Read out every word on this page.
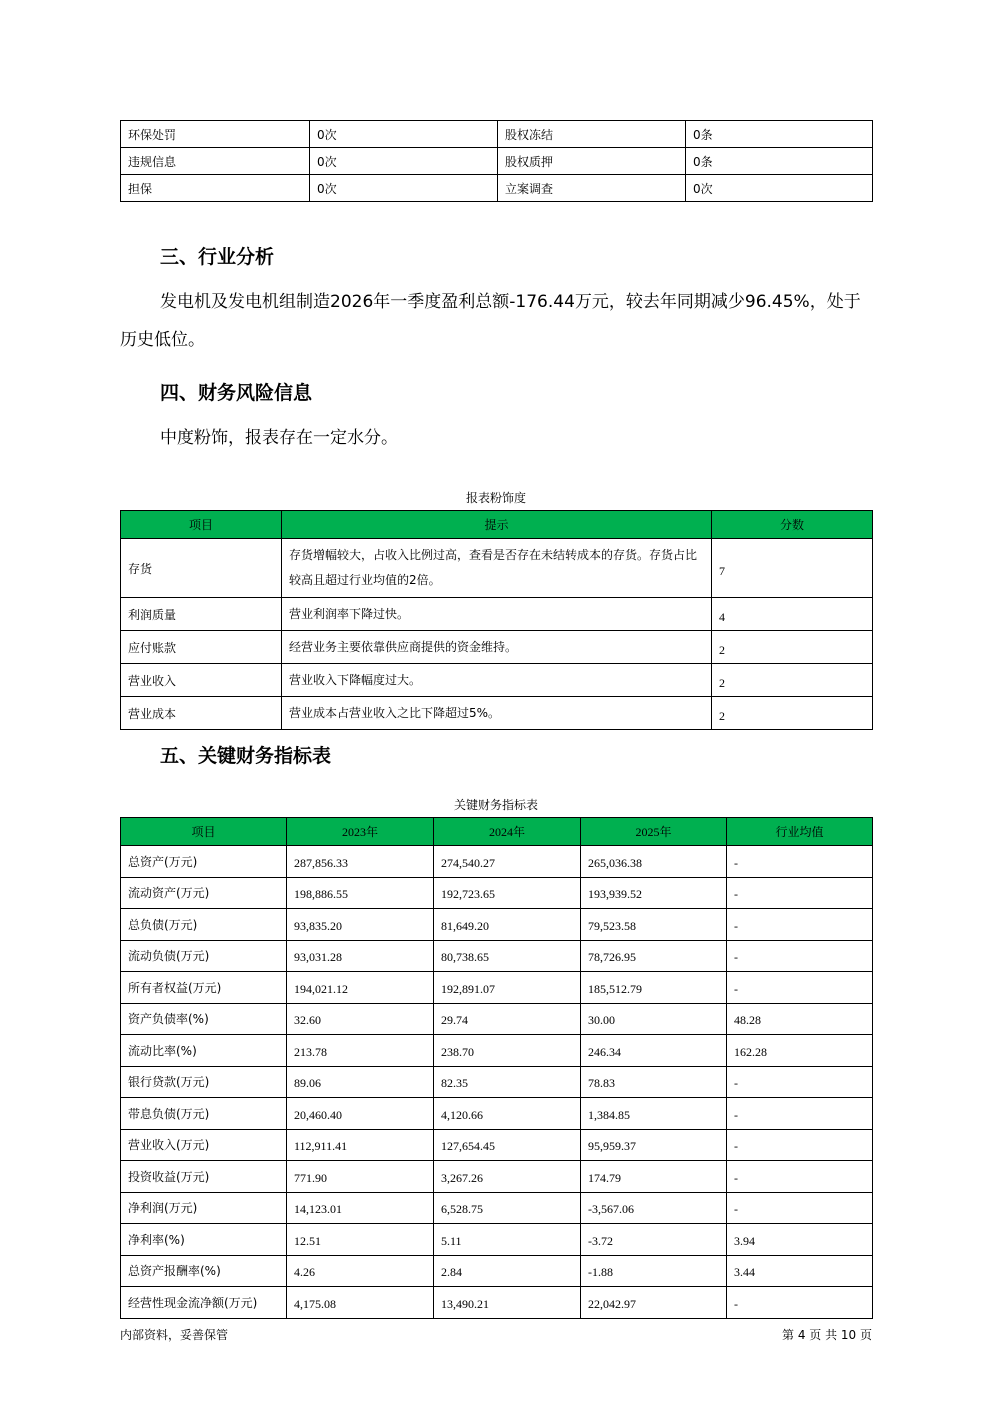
环保处罚	0次	股权冻结	0条
违规信息	0次	股权质押	0条
担保	0次	立案调查	0次
三、行业分析

发电机及发电机组制造2026年一季度盈利总额-176.44万元，较去年同期减少96.45%，处于历史低位。

四、财务风险信息

中度粉饰，报表存在一定水分。

报表粉饰度
项目	提示	分数
存货	存货增幅较大，占收入比例过高，查看是否存在未结转成本的存货。存货占比较高且超过行业均值的2倍。	7
利润质量	营业利润率下降过快。	4
应付账款	经营业务主要依靠供应商提供的资金维持。	2
营业收入	营业收入下降幅度过大。	2
营业成本	营业成本占营业收入之比下降超过5%。	2
五、关键财务指标表
关键财务指标表
项目	2023年	2024年	2025年	行业均值
总资产(万元)	287,856.33	274,540.27	265,036.38	-
流动资产(万元)	198,886.55	192,723.65	193,939.52	-
总负债(万元)	93,835.20	81,649.20	79,523.58	-
流动负债(万元)	93,031.28	80,738.65	78,726.95	-
所有者权益(万元)	194,021.12	192,891.07	185,512.79	-
资产负债率(%)	32.60	29.74	30.00	48.28
流动比率(%)	213.78	238.70	246.34	162.28
银行贷款(万元)	89.06	82.35	78.83	-
带息负债(万元)	20,460.40	4,120.66	1,384.85	-
营业收入(万元)	112,911.41	127,654.45	95,959.37	-
投资收益(万元)	771.90	3,267.26	174.79	-
净利润(万元)	14,123.01	6,528.75	-3,567.06	-
净利率(%)	12.51	5.11	-3.72	3.94
总资产报酬率(%)	4.26	2.84	-1.88	3.44
经营性现金流净额(万元)	4,175.08	13,490.21	22,042.97	-
内部资料，妥善保管	第 4 页 共 10 页
